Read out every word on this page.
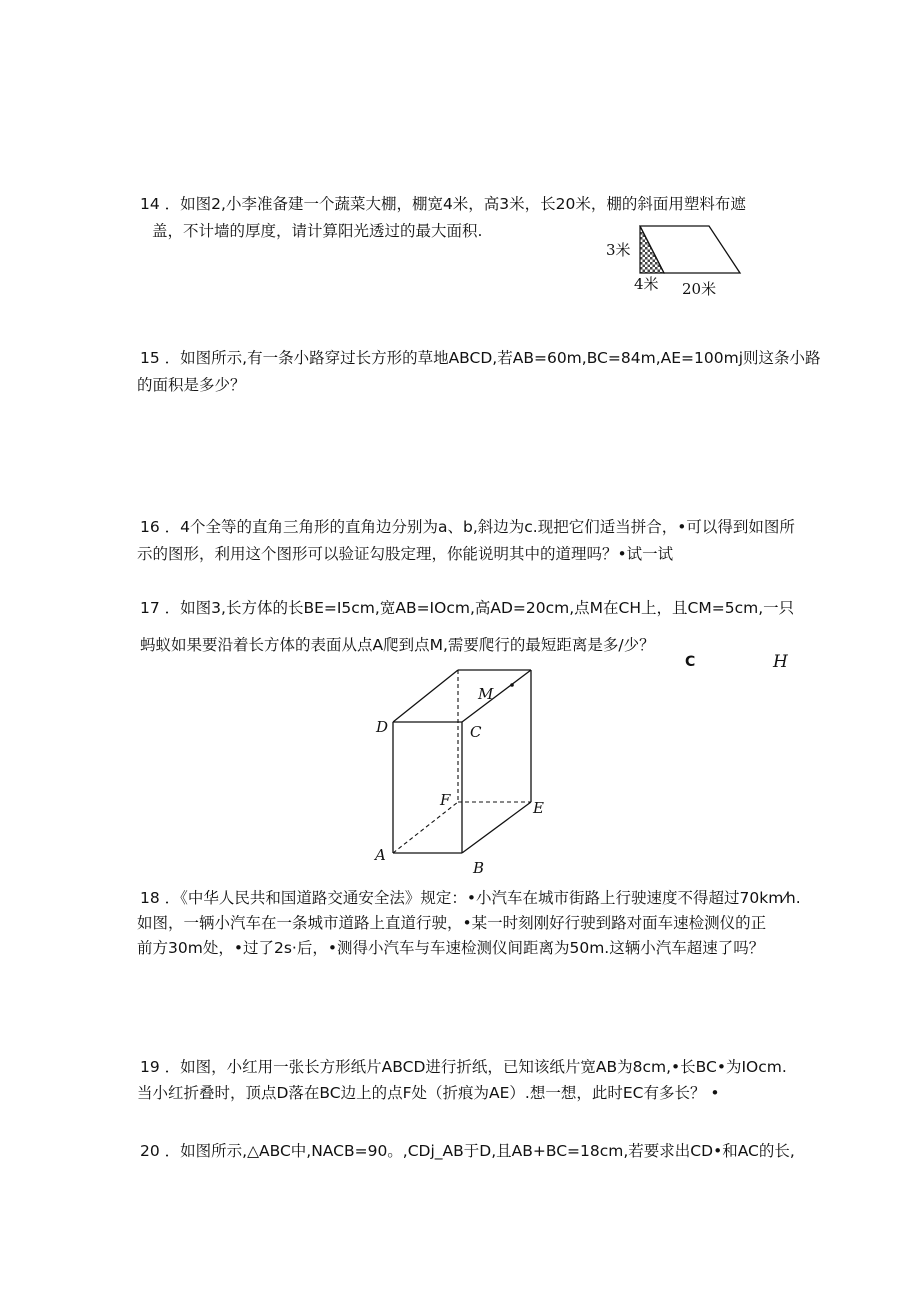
14 ．如图2,小李准备建一个蔬菜大棚，棚宽4米，高3米，长20米，棚的斜面用塑料布遮
盖，不计墙的厚度，请计算阳光透过的最大面积.
3米
4米 20米
15 ．如图所示,有一条小路穿过长方形的草地ABCD,若AB=60m,BC=84m,AE=100mj则这条小路
的面积是多少？
16 ．4个全等的直角三角形的直角边分别为a、b,斜边为c.现把它们适当拼合，•可以得到如图所
示的图形，利用这个图形可以验证勾股定理，你能说明其中的道理吗？•试一试
17 ．如图3,长方体的长BE=I5cm,宽AB=IOcm,高AD=20cm,点M在CH上，且CM=5cm,一只
蚂蚁如果要沿着长方体的表面从点A爬到点M,需要爬行的最短距离是多/少？
C	H
D	C
M
F	E
A
B
18 ．《中华人民共和国道路交通安全法》规定：•小汽车在城市街路上行驶速度不得超过70km⁄h.
如图，一辆小汽车在一条城市道路上直道行驶，•某一时刻刚好行驶到路对面车速检测仪的正
前方30m处，•过了2s·后，•测得小汽车与车速检测仪间距离为50m.这辆小汽车超速了吗？
19 ．如图，小红用一张长方形纸片ABCD进行折纸，已知该纸片宽AB为8cm,•长BC•为IOcm.
当小红折叠时，顶点D落在BC边上的点F处（折痕为AE）.想一想，此时EC有多长？ •
20 ．如图所示,△ABC中,NACB=90。,CDj_AB于D,且AB+BC=18cm,若要求出CD•和AC的长,
